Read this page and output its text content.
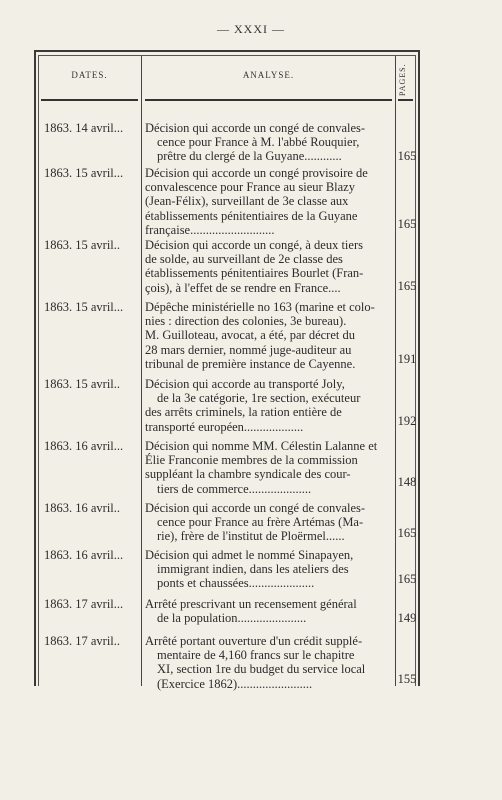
— XXXI —
DATES.	ANALYSE.	PAGES.
1863. 14 avril... Décision qui accorde un congé de convales-
cence pour France à M. l'abbé Rouquier,
prêtre du clergé de la Guyane............	165
1863. 15 avril... Décision qui accorde un congé provisoire de
convalescence pour France au sieur Blazy
(Jean-Félix), surveillant de 3e classe aux
établissements pénitentiaires de la Guyane
française...........................	165
1863. 15 avril.. Décision qui accorde un congé, à deux tiers
de solde, au surveillant de 2e classe des
établissements pénitentiaires Bourlet (Fran-
çois), à l'effet de se rendre en France....	165
1863. 15 avril... Dépêche ministérielle no 163 (marine et colo-
nies : direction des colonies, 3e bureau).
M. Guilloteau, avocat, a été, par décret du
28 mars dernier, nommé juge-auditeur au
tribunal de première instance de Cayenne.	191
1863. 15 avril.. Décision qui accorde au transporté Joly,
de la 3e catégorie, 1re section, exécuteur
des arrêts criminels, la ration entière de
transporté européen...................	192
1863. 16 avril... Décision qui nomme MM. Célestin Lalanne et
Élie Franconie membres de la commission
suppléant la chambre syndicale des cour-
tiers de commerce....................	148
1863. 16 avril.. Décision qui accorde un congé de convales-
cence pour France au frère Artémas (Ma-
rie), frère de l'institut de Ploërmel......	165
1863. 16 avril... Décision qui admet le nommé Sinapayen,
immigrant indien, dans les ateliers des
ponts et chaussées.....................	165
1863. 17 avril... Arrêté prescrivant un recensement général
de la population......................	149
1863. 17 avril.. Arrêté portant ouverture d'un crédit supplé-
mentaire de 4,160 francs sur le chapitre
XI, section 1re du budget du service local
(Exercice 1862)........................	155
